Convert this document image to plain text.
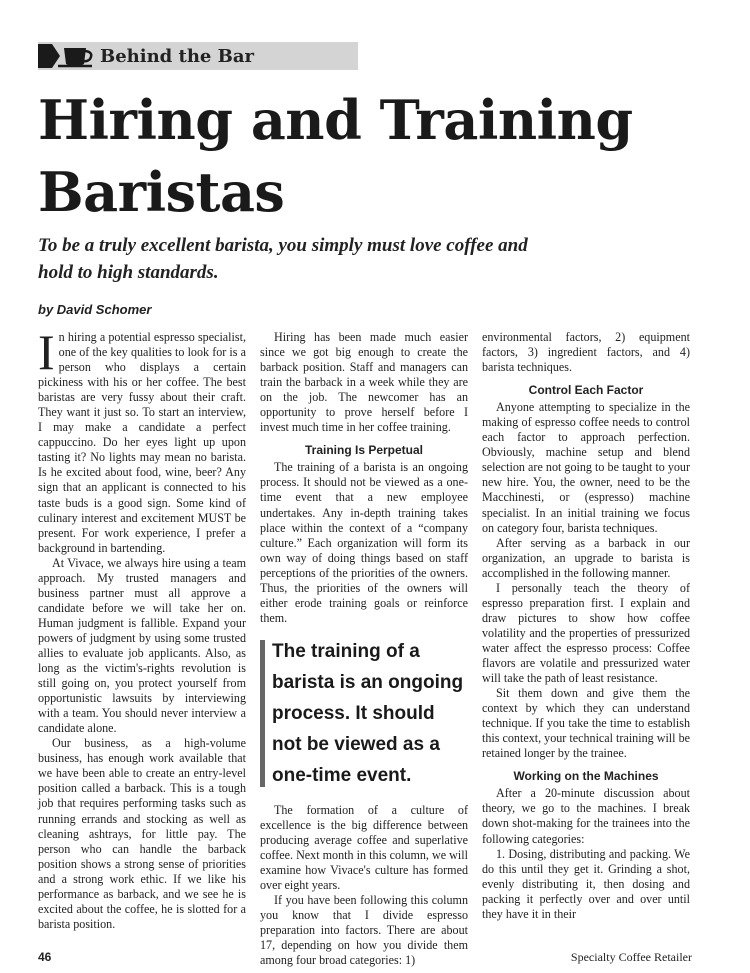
Behind the Bar
Hiring and Training
Baristas
To be a truly excellent barista, you simply must love coffee and
hold to high standards.
by David Schomer

In hiring a potential espresso specialist, one of the key qualities to look for is a person who displays a certain pickiness with his or her coffee. The best baristas are very fussy about their craft. They want it just so. To start an interview, I may make a candidate a perfect cappuccino. Do her eyes light up upon tasting it? No lights may mean no barista. Is he excited about food, wine, beer? Any sign that an applicant is connected to his taste buds is a good sign. Some kind of culinary interest and excitement MUST be present. For work experience, I prefer a background in bartending.

At Vivace, we always hire using a team approach. My trusted managers and business partner must all approve a candidate before we will take her on. Human judgment is fallible. Expand your powers of judgment by using some trusted allies to evaluate job applicants. Also, as long as the victim's-rights revolution is still going on, you protect yourself from opportunistic lawsuits by interviewing with a team. You should never interview a candidate alone.

Our business, as a high-volume business, has enough work available that we have been able to create an entry-level position called a barback. This is a tough job that requires performing tasks such as running errands and stocking as well as cleaning ashtrays, for little pay. The person who can handle the barback position shows a strong sense of priorities and a strong work ethic. If we like his performance as barback, and we see he is excited about the coffee, he is slotted for a barista position.

Hiring has been made much easier since we got big enough to create the barback position. Staff and managers can train the barback in a week while they are on the job. The newcomer has an opportunity to prove herself before I invest much time in her coffee training.

Training Is Perpetual

The training of a barista is an ongoing process. It should not be viewed as a one-time event that a new employee undertakes. Any in-depth training takes place within the context of a “company culture.” Each organization will form its own way of doing things based on staff perceptions of the priorities of the owners. Thus, the priorities of the owners will either erode training goals or reinforce them.

The training of a barista is an ongoing process. It should not be viewed as a one-time event.

The formation of a culture of excellence is the big difference between producing average coffee and superlative coffee. Next month in this column, we will examine how Vivace's culture has formed over eight years.

If you have been following this column you know that I divide espresso preparation into factors. There are about 17, depending on how you divide them among four broad categories: 1)

environmental factors, 2) equipment factors, 3) ingredient factors, and 4) barista techniques.

Control Each Factor

Anyone attempting to specialize in the making of espresso coffee needs to control each factor to approach perfection. Obviously, machine setup and blend selection are not going to be taught to your new hire. You, the owner, need to be the Macchinesti, or (espresso) machine specialist. In an initial training we focus on category four, barista techniques.

After serving as a barback in our organization, an upgrade to barista is accomplished in the following manner.

I personally teach the theory of espresso preparation first. I explain and draw pictures to show how coffee volatility and the properties of pressurized water affect the espresso process: Coffee flavors are volatile and pressurized water will take the path of least resistance.

Sit them down and give them the context by which they can understand technique. If you take the time to establish this context, your technical training will be retained longer by the trainee.

Working on the Machines

After a 20-minute discussion about theory, we go to the machines. I break down shot-making for the trainees into the following categories:

1. Dosing, distributing and packing. We do this until they get it. Grinding a shot, evenly distributing it, then dosing and packing it perfectly over and over until they have it in their

46	Specialty Coffee Retailer
